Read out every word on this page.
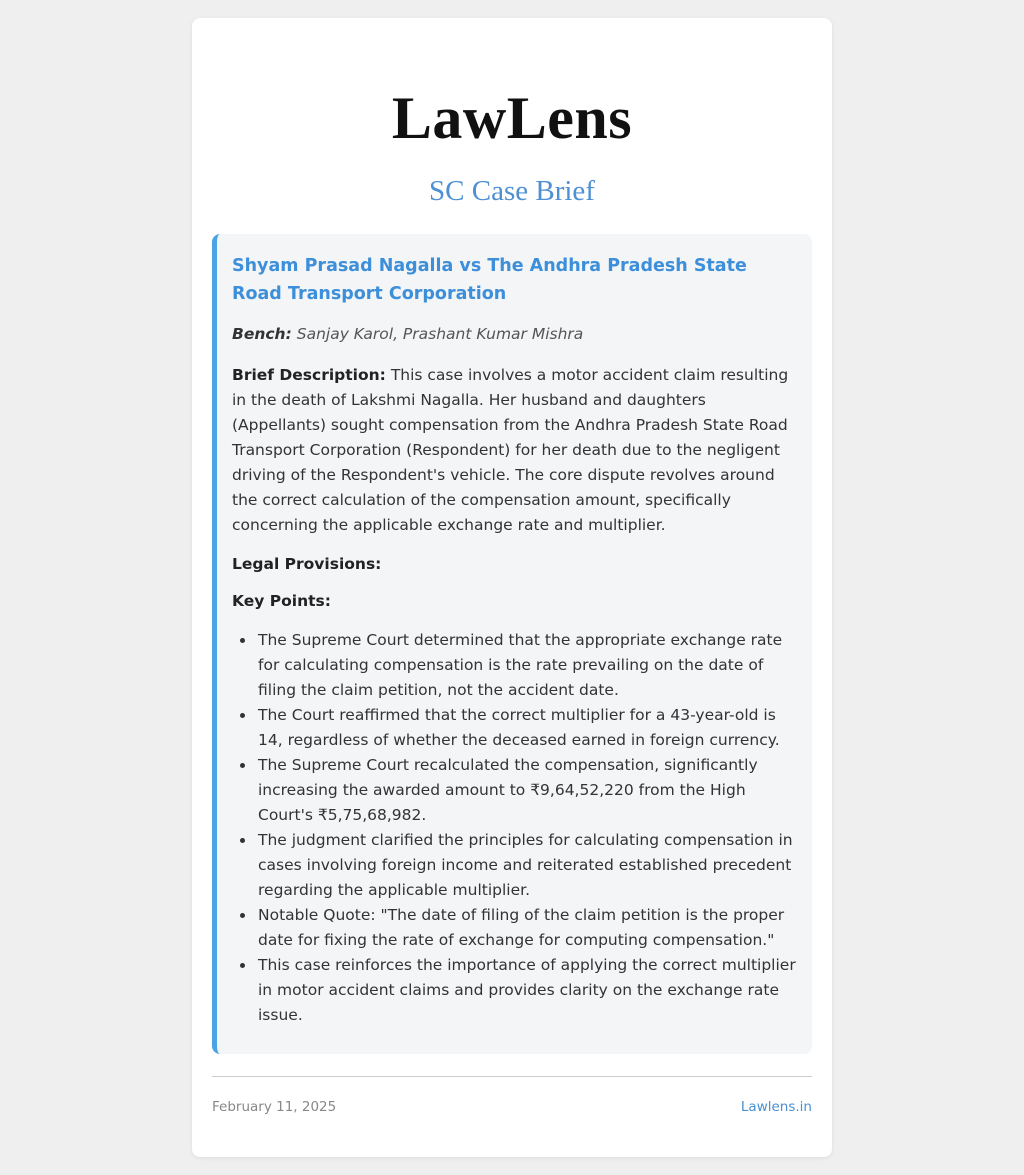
LawLens
SC Case Brief
Shyam Prasad Nagalla vs The Andhra Pradesh State Road Transport Corporation

Bench: Sanjay Karol, Prashant Kumar Mishra

Brief Description: This case involves a motor accident claim resulting in the death of Lakshmi Nagalla. Her husband and daughters (Appellants) sought compensation from the Andhra Pradesh State Road Transport Corporation (Respondent) for her death due to the negligent driving of the Respondent's vehicle. The core dispute revolves around the correct calculation of the compensation amount, specifically concerning the applicable exchange rate and multiplier.

Legal Provisions:

Key Points:

• The Supreme Court determined that the appropriate exchange rate for calculating compensation is the rate prevailing on the date of filing the claim petition, not the accident date.
• The Court reaffirmed that the correct multiplier for a 43-year-old is 14, regardless of whether the deceased earned in foreign currency.
• The Supreme Court recalculated the compensation, significantly increasing the awarded amount to ₹9,64,52,220 from the High Court's ₹5,75,68,982.
• The judgment clarified the principles for calculating compensation in cases involving foreign income and reiterated established precedent regarding the applicable multiplier.
• Notable Quote: "The date of filing of the claim petition is the proper date for fixing the rate of exchange for computing compensation."
• This case reinforces the importance of applying the correct multiplier in motor accident claims and provides clarity on the exchange rate issue.
February 11, 2025	Lawlens.in
